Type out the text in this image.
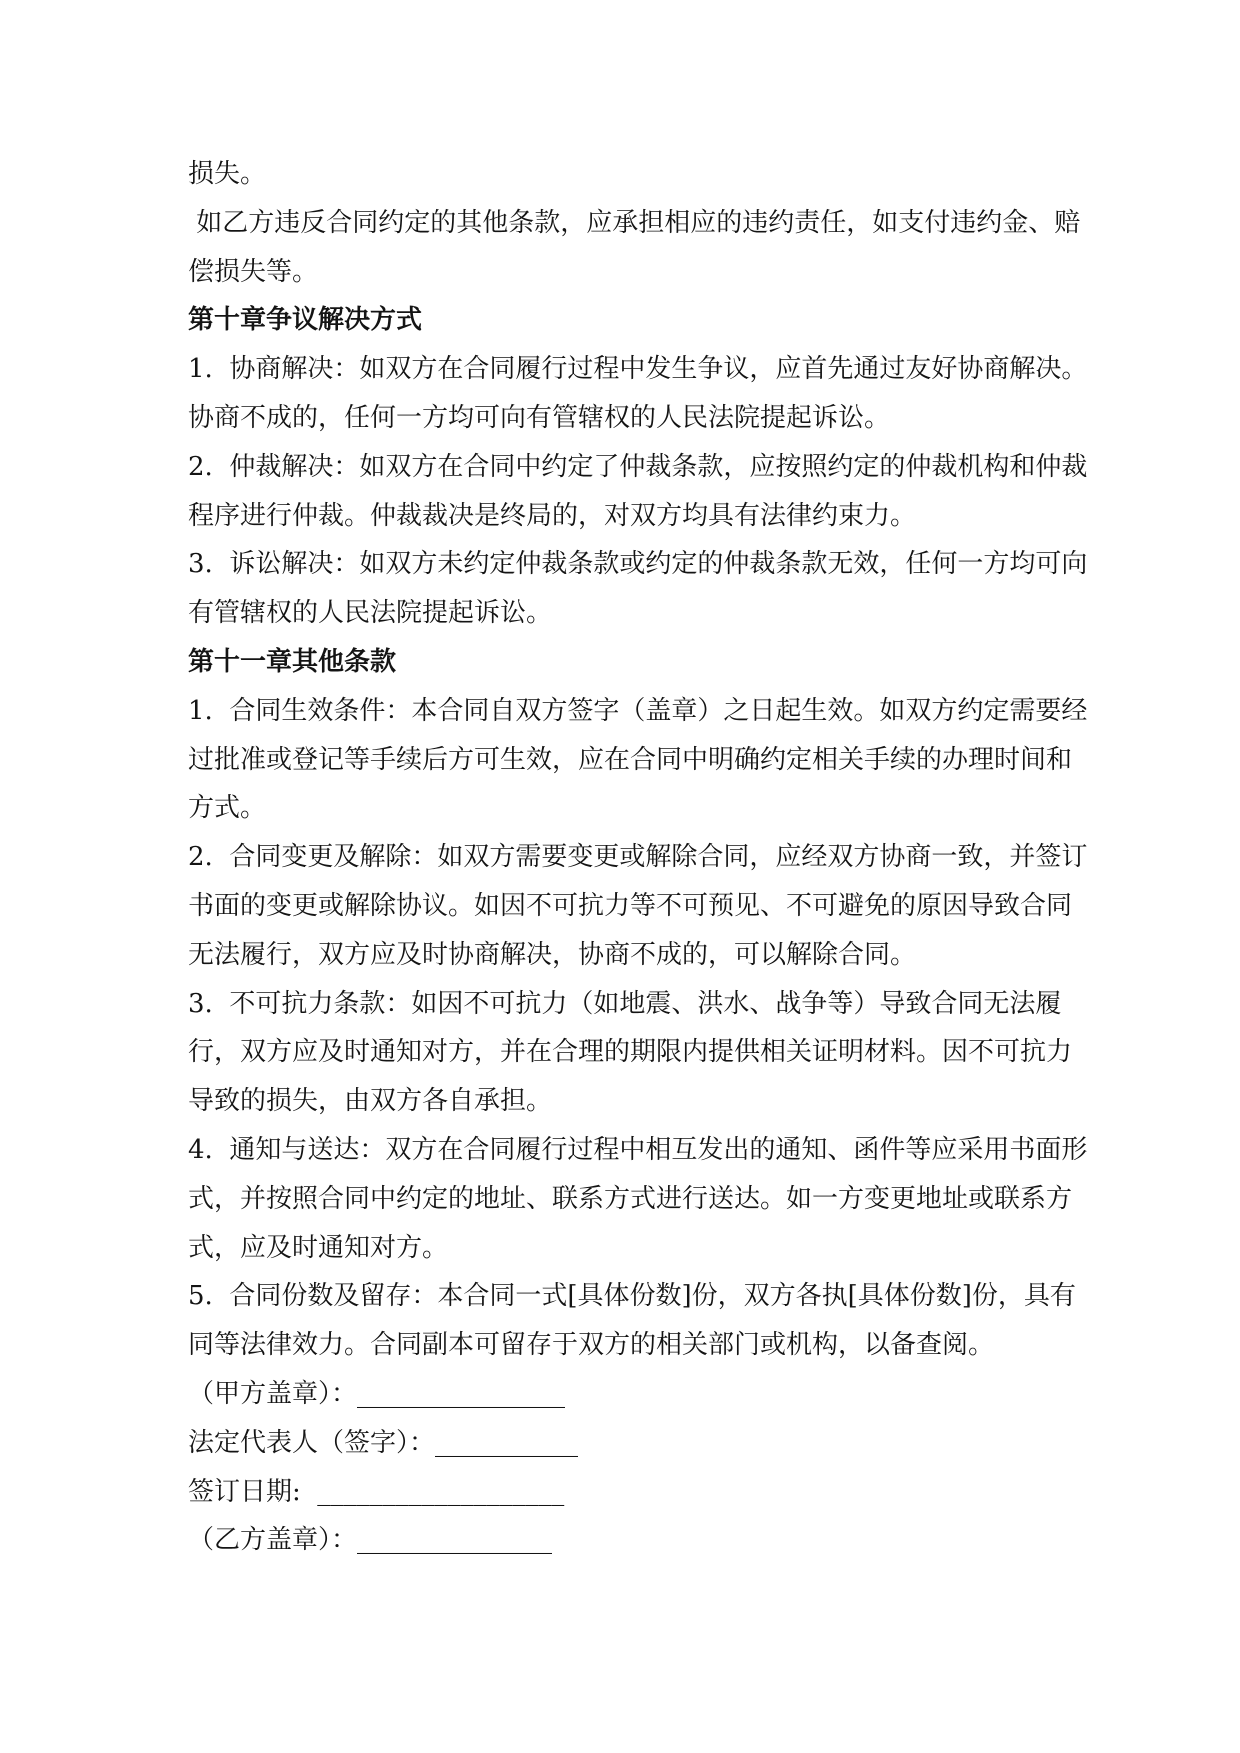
损失。
如乙方违反合同约定的其他条款，应承担相应的违约责任，如支付违约金、赔
偿损失等。
第十章争议解决方式
1.  协商解决：如双方在合同履行过程中发生争议，应首先通过友好协商解决。
协商不成的，任何一方均可向有管辖权的人民法院提起诉讼。
2.  仲裁解决：如双方在合同中约定了仲裁条款，应按照约定的仲裁机构和仲裁
程序进行仲裁。仲裁裁决是终局的，对双方均具有法律约束力。
3.  诉讼解决：如双方未约定仲裁条款或约定的仲裁条款无效，任何一方均可向
有管辖权的人民法院提起诉讼。
第十一章其他条款
1.  合同生效条件：本合同自双方签字（盖章）之日起生效。如双方约定需要经
过批准或登记等手续后方可生效，应在合同中明确约定相关手续的办理时间和
方式。
2.  合同变更及解除：如双方需要变更或解除合同，应经双方协商一致，并签订
书面的变更或解除协议。如因不可抗力等不可预见、不可避免的原因导致合同
无法履行，双方应及时协商解决，协商不成的，可以解除合同。
3.  不可抗力条款：如因不可抗力（如地震、洪水、战争等）导致合同无法履
行，双方应及时通知对方，并在合理的期限内提供相关证明材料。因不可抗力
导致的损失，由双方各自承担。
4.  通知与送达：双方在合同履行过程中相互发出的通知、函件等应采用书面形
式，并按照合同中约定的地址、联系方式进行送达。如一方变更地址或联系方
式，应及时通知对方。
5.  合同份数及留存：本合同一式[具体份数]份，双方各执[具体份数]份，具有
同等法律效力。合同副本可留存于双方的相关部门或机构，以备查阅。
（甲方盖章）：________________
法定代表人（签字）：___________
签订日期:  ___________________
（乙方盖章）：_______________
